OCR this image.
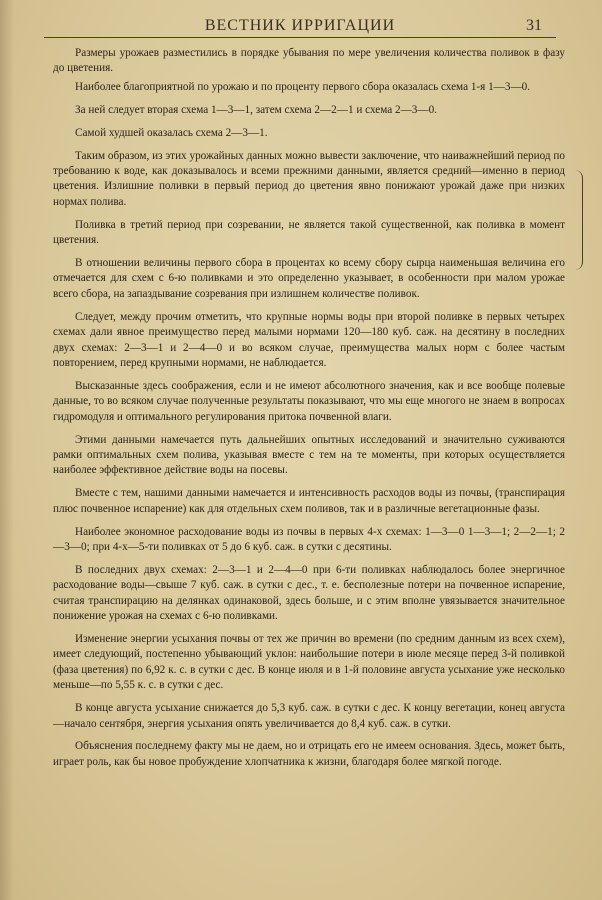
ВЕСТНИК ИРРИГАЦИИ	31

Размеры урожаев разместились в порядке убывания по мере увеличения количества поливок в фазу до цветения.

Наиболее благоприятной по урожаю и по проценту первого сбора оказалась схема 1-я 1—3—0.

За ней следует вторая схема 1—3—1, затем схема 2—2—1 и схема 2—3—0.

Самой худшей оказалась схема 2—3—1.

Таким образом, из этих урожайных данных можно вывести заключение, что наиважнейший период по требованию к воде, как доказывалось и всеми прежними данными, является средний—именно в период цветения. Излишние поливки в первый период до цветения явно понижают урожай даже при низких нормах полива.

Поливка в третий период при созревании, не является такой существенной, как поливка в момент цветения.

В отношении величины первого сбора в процентах ко всему сбору сырца наименьшая величина его отмечается для схем с 6-ю поливками и это определенно указывает, в особенности при малом урожае всего сбора, на запаздывание созревания при излишнем количестве поливок.

Следует, между прочим отметить, что крупные нормы воды при второй поливке в первых четырех схемах дали явное преимущество перед малыми нормами 120—180 куб. саж. на десятину в последних двух схемах: 2—3—1 и 2—4—0 и во всяком случае, преимущества малых норм с более частым повторением, перед крупными нормами, не наблюдается.

Высказанные здесь соображения, если и не имеют абсолютного значения, как и все вообще полевые данные, то во всяком случае полученные результаты показывают, что мы еще многого не знаем в вопросах гидромодуля и оптимального регулирования притока почвенной влаги.

Этими данными намечается путь дальнейших опытных исследований и значительно суживаются рамки оптимальных схем полива, указывая вместе с тем на те моменты, при которых осуществляется наиболее эффективное действие воды на посевы.

Вместе с тем, нашими данными намечается и интенсивность расходов воды из почвы, (транспирация плюс почвенное испарение) как для отдельных схем поливов, так и в различные вегетационные фазы.

Наиболее экономное расходование воды из почвы в первых 4-х схемах: 1—3—0 1—3—1; 2—2—1; 2—3—0; при 4-х—5-ти поливках от 5 до 6 куб. саж. в сутки с десятины.

В последних двух схемах: 2—3—1 и 2—4—0 при 6-ти поливках наблюдалось более энергичное расходование воды—свыше 7 куб. саж. в сутки с дес., т. е. бесполезные потери на почвенное испарение, считая транспирацию на делянках одинаковой, здесь больше, и с этим вполне увязывается значительное понижение урожая на схемах с 6-ю поливками.

Изменение энергии усыхания почвы от тех же причин во времени (по средним данным из всех схем), имеет следующий, постепенно убывающий уклон: наибольшие потери в июле месяце перед 3-й поливкой (фаза цветения) по 6,92 к. с. в сутки с дес. В конце июля и в 1-й половине августа усыхание уже несколько меньше—по 5,55 к. с. в сутки с дес.

В конце августа усыхание снижается до 5,3 куб. саж. в сутки с дес. К концу вегетации, конец августа—начало сентября, энергия усыхания опять увеличивается до 8,4 куб. саж. в сутки.

Объяснения последнему факту мы не даем, но и отрицать его не имеем основания. Здесь, может быть, играет роль, как бы новое пробуждение хлопчатника к жизни, благодаря более мягкой погоде.
